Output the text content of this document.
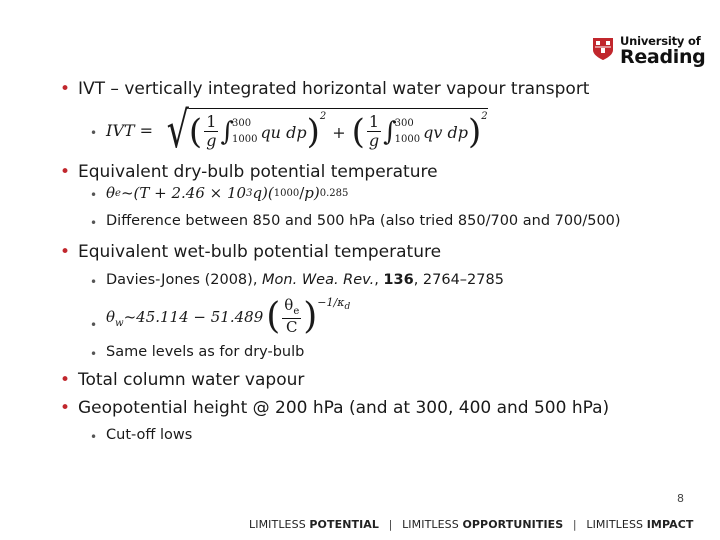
University of
Reading
• IVT – vertically integrated horizontal water vapour transport
• IVT = √ ( $\frac{1}{g}$ ∫
300
1000 qu dp ) 2
+ ( $\frac{1}{g}$ ∫
300
1000 qv dp ) 2
• Equivalent dry-bulb potential temperature
• θ e ~(T + 2.46 × 10 3 q)( 1000 / p ) 0.285
• Difference between 850 and 500 hPa (also tried 850/700 and 700/500)
• Equivalent wet-bulb potential temperature
• Davies-Jones (2008), Mon. Wea. Rev., 136, 2764–2785
• $\theta_w\sim 45.114 - 51.489$ ( $\frac{\theta_e}{C}$ ) $-1/\kappa_d$
• Same levels as for dry-bulb
• Total column water vapour
• Geopotential height @ 200 hPa (and at 300, 400 and 500 hPa)
• Cut-off lows
8
LIMITLESS POTENTIAL | LIMITLESS OPPORTUNITIES | LIMITLESS IMPACT
